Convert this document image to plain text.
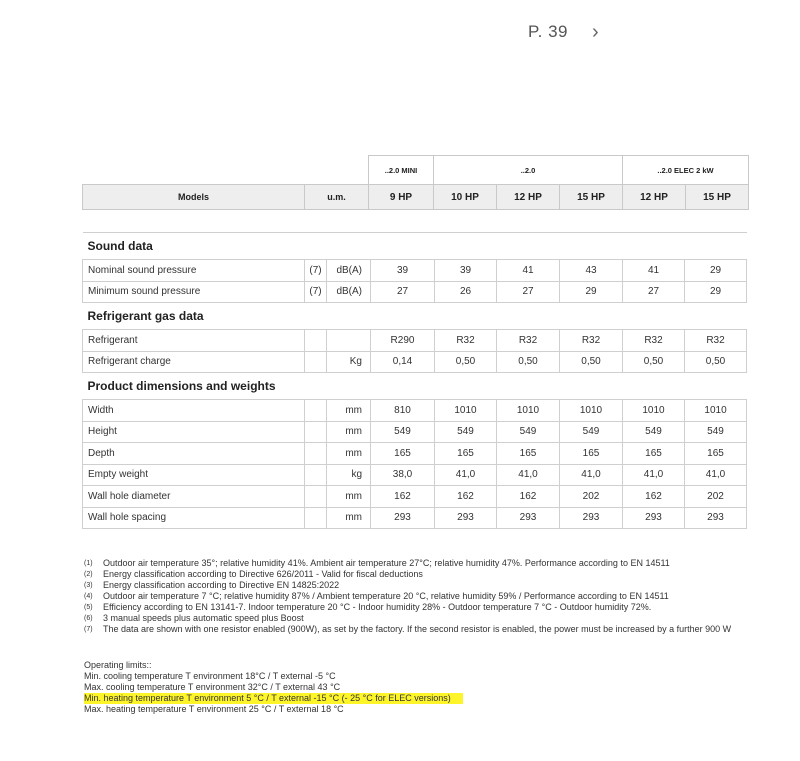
P. 39 ›
		..2.0 MINI	..2.0			..2.0 ELEC 2 kW	
Models	u.m.	9 HP	10 HP	12 HP	15 HP	12 HP	15 HP
Sound data								
Nominal sound pressure	(7)	dB(A)	39	39	41	43	41	29
Minimum sound pressure	(7)	dB(A)	27	26	27	29	27	29
Refrigerant gas data								
Refrigerant			R290	R32	R32	R32	R32	R32
Refrigerant charge		Kg	0,14	0,50	0,50	0,50	0,50	0,50
Product dimensions and weights								
Width		mm	810	1010	1010	1010	1010	1010
Height		mm	549	549	549	549	549	549
Depth		mm	165	165	165	165	165	165
Empty weight		kg	38,0	41,0	41,0	41,0	41,0	41,0
Wall hole diameter		mm	162	162	162	202	162	202
Wall hole spacing		mm	293	293	293	293	293	293
(1) Outdoor air temperature 35°; relative humidity 41%. Ambient air temperature 27°C; relative humidity 47%. Performance according to EN 14511
(2) Energy classification according to Directive 626/2011 - Valid for fiscal deductions
(3) Energy classification according to Directive EN 14825:2022
(4) Outdoor air temperature 7 °C; relative humidity 87% / Ambient temperature 20 °C, relative humidity 59% / Performance according to EN 14511
(5) Efficiency according to EN 13141-7. Indoor temperature 20 °C - Indoor humidity 28% - Outdoor temperature 7 °C - Outdoor humidity 72%.
(6) 3 manual speeds plus automatic speed plus Boost
(7) The data are shown with one resistor enabled (900W), as set by the factory. If the second resistor is enabled, the power must be increased by a further 900 W
Operating limits::
Min. cooling temperature T environment 18°C / T external -5 °C
Max. cooling temperature T environment 32°C / T external 43 °C
Min. heating temperature T environment 5 °C / T external -15 °C (- 25 °C for ELEC versions)
Max. heating temperature T environment 25 °C / T external 18 °C
